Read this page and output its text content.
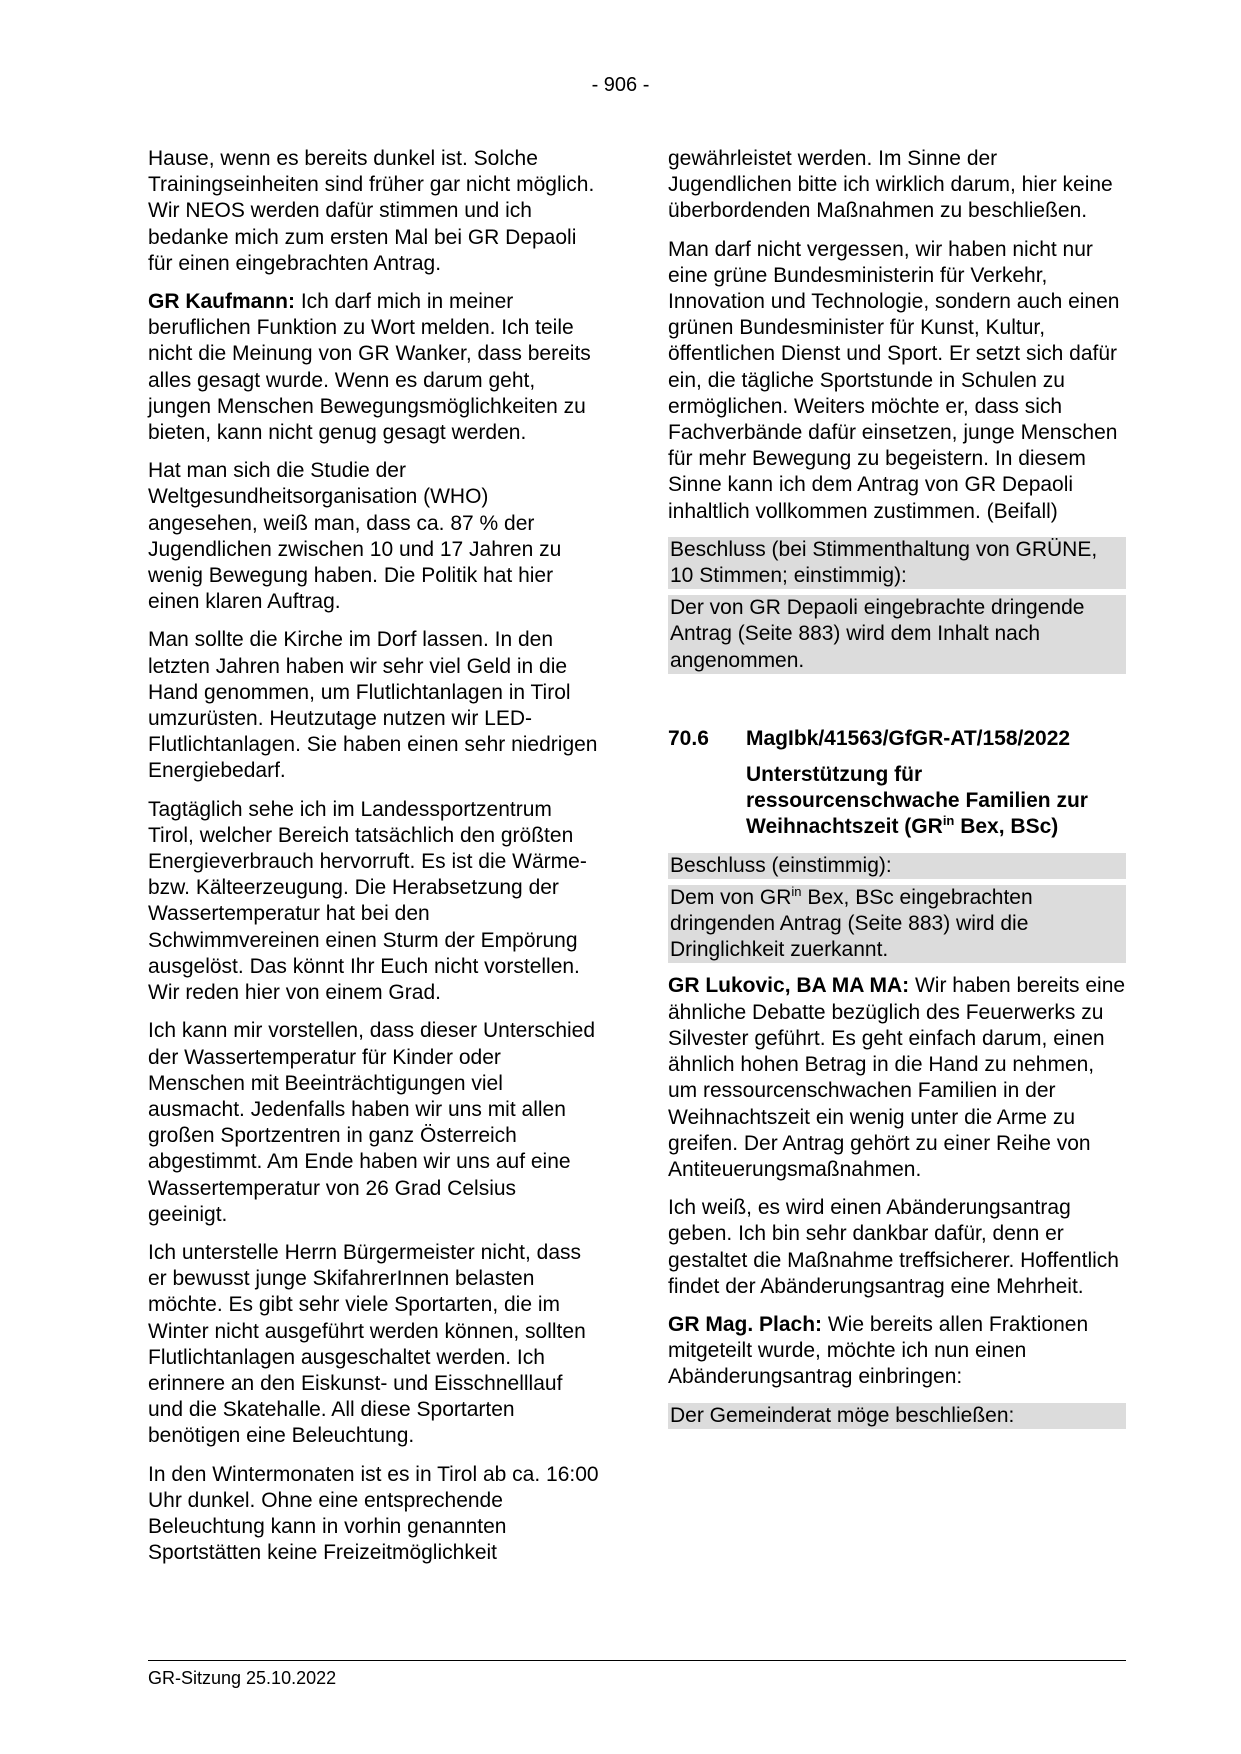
- 906 -

Hause, wenn es bereits dunkel ist. Solche Trainingseinheiten sind früher gar nicht möglich. Wir NEOS werden dafür stimmen und ich bedanke mich zum ersten Mal bei GR Depaoli für einen eingebrachten Antrag.

GR Kaufmann: Ich darf mich in meiner beruflichen Funktion zu Wort melden. Ich teile nicht die Meinung von GR Wanker, dass bereits alles gesagt wurde. Wenn es darum geht, jungen Menschen Bewegungsmöglichkeiten zu bieten, kann nicht genug gesagt werden.

Hat man sich die Studie der Weltgesundheitsorganisation (WHO) angesehen, weiß man, dass ca. 87 % der Jugendlichen zwischen 10 und 17 Jahren zu wenig Bewegung haben. Die Politik hat hier einen klaren Auftrag.

Man sollte die Kirche im Dorf lassen. In den letzten Jahren haben wir sehr viel Geld in die Hand genommen, um Flutlichtanlagen in Tirol umzurüsten. Heutzutage nutzen wir LED-Flutlichtanlagen. Sie haben einen sehr niedrigen Energiebedarf.

Tagtäglich sehe ich im Landessportzentrum Tirol, welcher Bereich tatsächlich den größten Energieverbrauch hervorruft. Es ist die Wärme- bzw. Kälteerzeugung. Die Herabsetzung der Wassertemperatur hat bei den Schwimmvereinen einen Sturm der Empörung ausgelöst. Das könnt Ihr Euch nicht vorstellen. Wir reden hier von einem Grad.

Ich kann mir vorstellen, dass dieser Unterschied der Wassertemperatur für Kinder oder Menschen mit Beeinträchtigungen viel ausmacht. Jedenfalls haben wir uns mit allen großen Sportzentren in ganz Österreich abgestimmt. Am Ende haben wir uns auf eine Wassertemperatur von 26 Grad Celsius geeinigt.

Ich unterstelle Herrn Bürgermeister nicht, dass er bewusst junge SkifahrerInnen belasten möchte. Es gibt sehr viele Sportarten, die im Winter nicht ausgeführt werden können, sollten Flutlichtanlagen ausgeschaltet werden. Ich erinnere an den Eiskunst- und Eisschnelllauf und die Skatehalle. All diese Sportarten benötigen eine Beleuchtung.

In den Wintermonaten ist es in Tirol ab ca. 16:00 Uhr dunkel. Ohne eine entsprechende Beleuchtung kann in vorhin genannten Sportstätten keine Freizeitmöglichkeit

gewährleistet werden. Im Sinne der Jugendlichen bitte ich wirklich darum, hier keine überbordenden Maßnahmen zu beschließen.

Man darf nicht vergessen, wir haben nicht nur eine grüne Bundesministerin für Verkehr, Innovation und Technologie, sondern auch einen grünen Bundesminister für Kunst, Kultur, öffentlichen Dienst und Sport. Er setzt sich dafür ein, die tägliche Sportstunde in Schulen zu ermöglichen. Weiters möchte er, dass sich Fachverbände dafür einsetzen, junge Menschen für mehr Bewegung zu begeistern. In diesem Sinne kann ich dem Antrag von GR Depaoli inhaltlich vollkommen zustimmen. (Beifall)

Beschluss (bei Stimmenthaltung von GRÜNE, 10 Stimmen; einstimmig):

Der von GR Depaoli eingebrachte dringende Antrag (Seite 883) wird dem Inhalt nach angenommen.

70.6	MagIbk/41563/GfGR-AT/158/2022
Unterstützung für ressourcenschwache Familien zur Weihnachtszeit ($GR^{in}$ Bex, BSc)

Beschluss (einstimmig):

Dem von $GR^{in}$ Bex, BSc eingebrachten dringenden Antrag (Seite 883) wird die Dringlichkeit zuerkannt.

GR Lukovic, BA MA MA: Wir haben bereits eine ähnliche Debatte bezüglich des Feuerwerks zu Silvester geführt. Es geht einfach darum, einen ähnlich hohen Betrag in die Hand zu nehmen, um ressourcenschwachen Familien in der Weihnachtszeit ein wenig unter die Arme zu greifen. Der Antrag gehört zu einer Reihe von Antiteuerungsmaßnahmen.

Ich weiß, es wird einen Abänderungsantrag geben. Ich bin sehr dankbar dafür, denn er gestaltet die Maßnahme treffsicherer. Hoffentlich findet der Abänderungsantrag eine Mehrheit.

GR Mag. Plach: Wie bereits allen Fraktionen mitgeteilt wurde, möchte ich nun einen Abänderungsantrag einbringen:

Der Gemeinderat möge beschließen:

GR-Sitzung 25.10.2022
